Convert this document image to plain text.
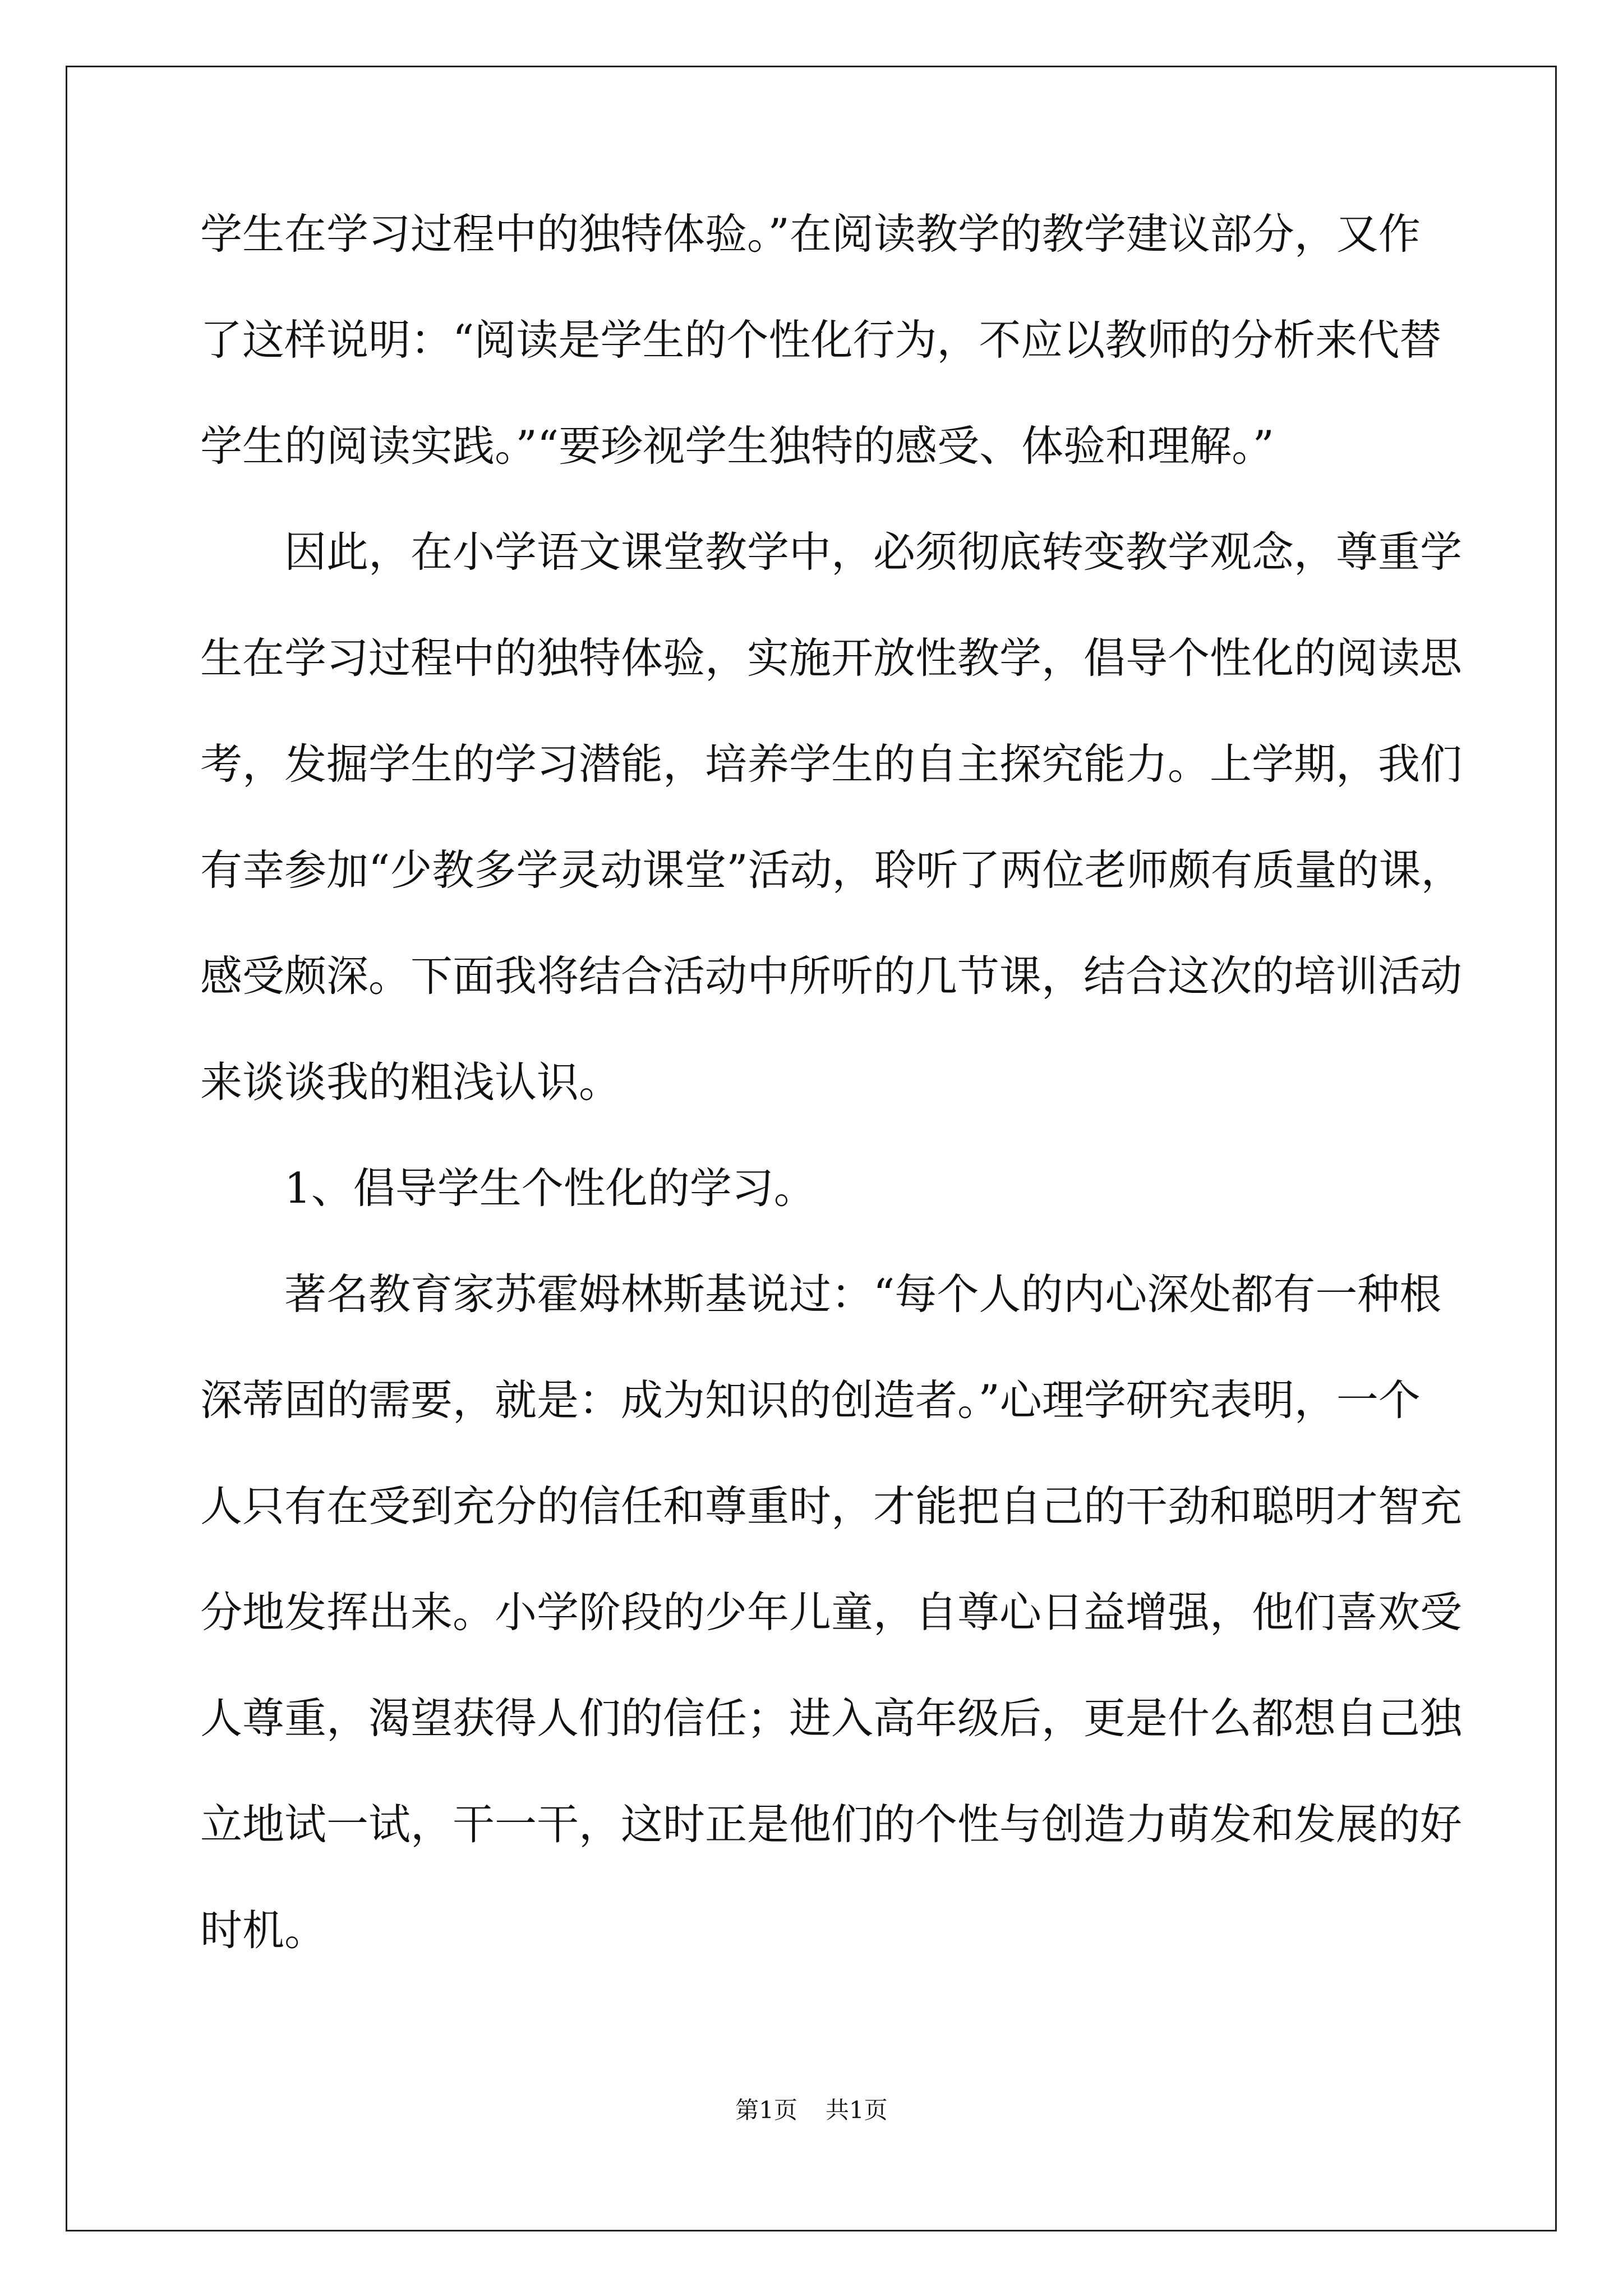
学生在学习过程中的独特体验。”在阅读教学的教学建议部分，又作
了这样说明：“阅读是学生的个性化行为，不应以教师的分析来代替
学生的阅读实践。”“要珍视学生独特的感受、体验和理解。”
因此，在小学语文课堂教学中，必须彻底转变教学观念，尊重学
生在学习过程中的独特体验，实施开放性教学，倡导个性化的阅读思
考，发掘学生的学习潜能，培养学生的自主探究能力。上学期，我们
有幸参加“少教多学灵动课堂”活动，聆听了两位老师颇有质量的课，
感受颇深。下面我将结合活动中所听的几节课，结合这次的培训活动
来谈谈我的粗浅认识。
1、倡导学生个性化的学习。
著名教育家苏霍姆林斯基说过：“每个人的内心深处都有一种根
深蒂固的需要，就是：成为知识的创造者。”心理学研究表明，一个
人只有在受到充分的信任和尊重时，才能把自己的干劲和聪明才智充
分地发挥出来。小学阶段的少年儿童，自尊心日益增强，他们喜欢受
人尊重，渴望获得人们的信任；进入高年级后，更是什么都想自己独
立地试一试，干一干，这时正是他们的个性与创造力萌发和发展的好
时机。
第1页 共1页
